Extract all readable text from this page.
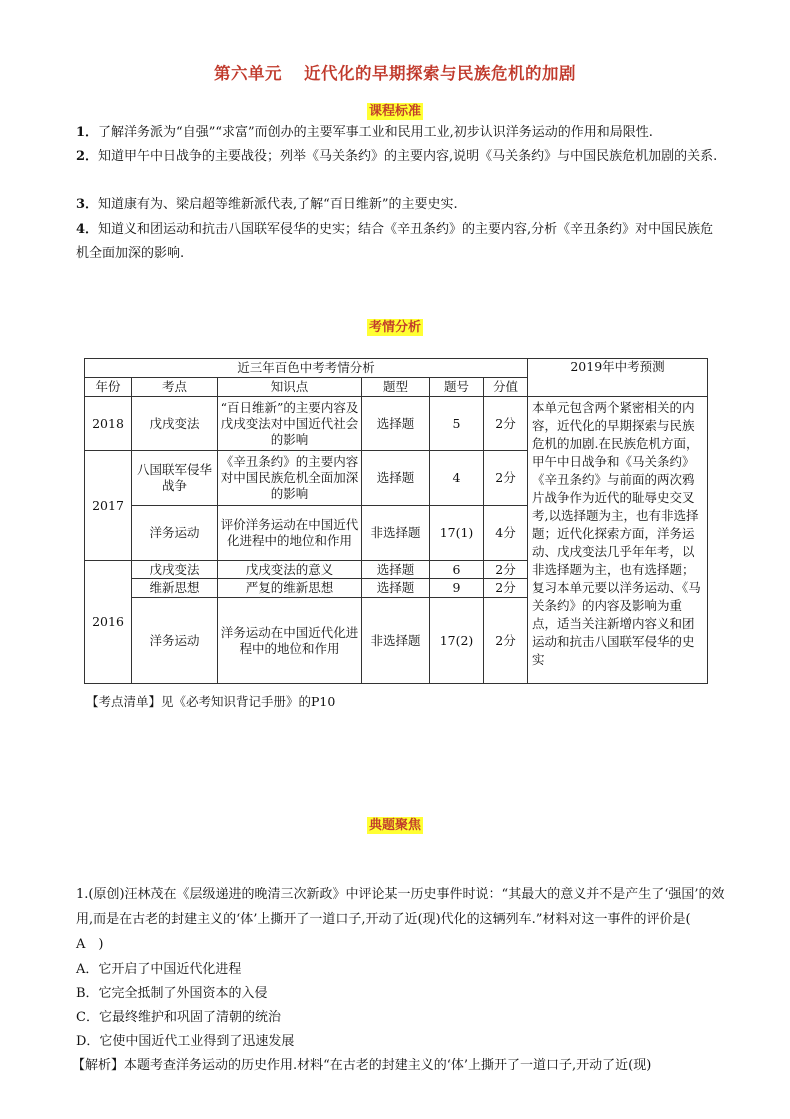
第六单元 近代化的早期探索与民族危机的加剧
课程标准
1．了解洋务派为“自强”“求富”而创办的主要军事工业和民用工业,初步认识洋务运动的作用和局限性.
2．知道甲午中日战争的主要战役；列举《马关条约》的主要内容,说明《马关条约》与中国民族危机加剧的关系.
3．知道康有为、梁启超等维新派代表,了解“百日维新”的主要史实.
4．知道义和团运动和抗击八国联军侵华的史实；结合《辛丑条约》的主要内容,分析《辛丑条约》对中国民族危机全面加深的影响.
考情分析
近三年百色中考考情分析						2019年中考预测
年份	考点	知识点	题型	题号	分值	
2018	戊戌变法	“百日维新”的主要内容及戊戌变法对中国近代社会的影响	选择题	5	2分	本单元包含两个紧密相关的内容，近代化的早期探索与民族危机的加剧.在民族危机方面，甲午中日战争和《马关条约》《辛丑条约》与前面的两次鸦片战争作为近代的耻辱史交叉考,以选择题为主，也有非选择题；近代化探索方面，洋务运动、戊戌变法几乎年年考，以非选择题为主，也有选择题；复习本单元要以洋务运动、《马关条约》的内容及影响为重点，适当关注新增内容义和团运动和抗击八国联军侵华的史实
2017	八国联军侵华战争	《辛丑条约》的主要内容对中国民族危机全面加深的影响	选择题	4	2分	
	洋务运动	评价洋务运动在中国近代化进程中的地位和作用	非选择题	17(1)	4分	
2016	戊戌变法	戊戌变法的意义	选择题	6	2分	
	维新思想	严复的维新思想	选择题	9	2分	
	洋务运动	洋务运动在中国近代化进程中的地位和作用	非选择题	17(2)	2分	
【考点清单】见《必考知识背记手册》的P10
典题聚焦
1.(原创)汪林茂在《层级递进的晚清三次新政》中评论某一历史事件时说：“其最大的意义并不是产生了‘强国’的效用,而是在古老的封建主义的‘体’上撕开了一道口子,开动了近(现)代化的这辆列车.”材料对这一事件的评价是(　A　)
A．它开启了中国近代化进程
B．它完全抵制了外国资本的入侵
C．它最终维护和巩固了清朝的统治
D．它使中国近代工业得到了迅速发展
【解析】本题考查洋务运动的历史作用.材料“在古老的封建主义的‘体’上撕开了一道口子,开动了近(现)
